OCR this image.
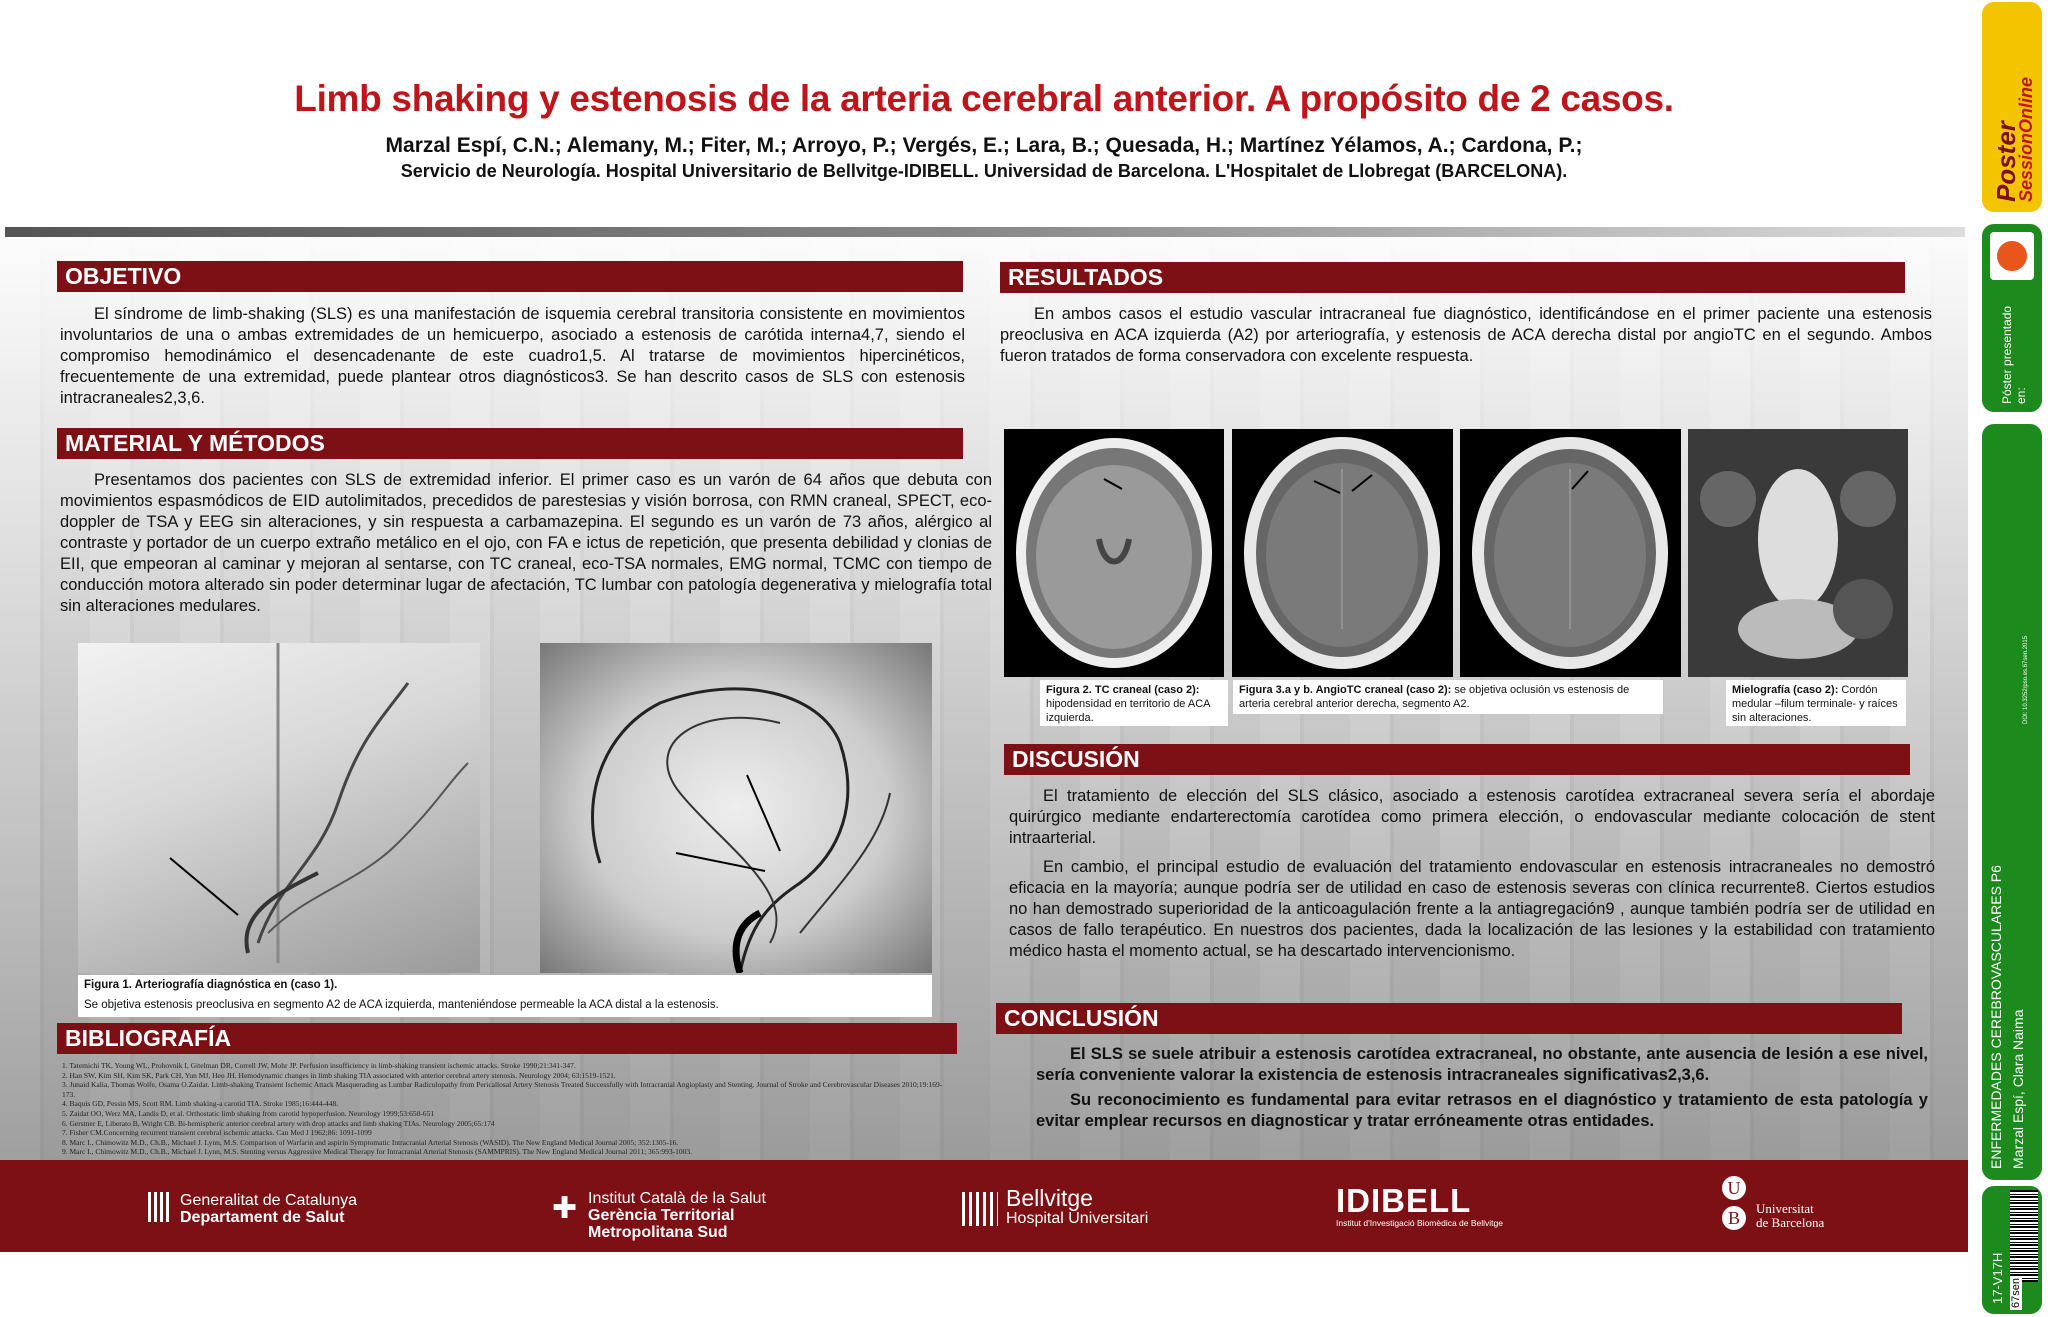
Limb shaking y estenosis de la arteria cerebral anterior. A propósito de 2 casos.
Marzal Espí, C.N.; Alemany, M.; Fiter, M.; Arroyo, P.; Vergés, E.; Lara, B.; Quesada, H.; Martínez Yélamos, A.; Cardona, P.;
Servicio de Neurología. Hospital Universitario de Bellvitge-IDIBELL. Universidad de Barcelona. L'Hospitalet de Llobregat (BARCELONA).
OBJETIVO

El síndrome de limb-shaking (SLS) es una manifestación de isquemia cerebral transitoria consistente en movimientos involuntarios de una o ambas extremidades de un hemicuerpo, asociado a estenosis de carótida interna4,7, siendo el compromiso hemodinámico el desencadenante de este cuadro1,5. Al tratarse de movimientos hipercinéticos, frecuentemente de una extremidad, puede plantear otros diagnósticos3. Se han descrito casos de SLS con estenosis intracraneales2,3,6.

MATERIAL Y MÉTODOS

Presentamos dos pacientes con SLS de extremidad inferior. El primer caso es un varón de 64 años que debuta con movimientos espasmódicos de EID autolimitados, precedidos de parestesias y visión borrosa, con RMN craneal, SPECT, eco-doppler de TSA y EEG sin alteraciones, y sin respuesta a carbamazepina. El segundo es un varón de 73 años, alérgico al contraste y portador de un cuerpo extraño metálico en el ojo, con FA e ictus de repetición, que presenta debilidad y clonias de EII, que empeoran al caminar y mejoran al sentarse, con TC craneal, eco-TSA normales, EMG normal, TCMC con tiempo de conducción motora alterado sin poder determinar lugar de afectación, TC lumbar con patología degenerativa y mielografía total sin alteraciones medulares.

Figura 1. Arteriografía diagnóstica en (caso 1).
Se objetiva estenosis preoclusiva en segmento A2 de ACA izquierda, manteniéndose permeable la ACA distal a la estenosis.
BIBLIOGRAFÍA
1. Tatemichi TK, Young WL, Prohovnik I, Gitelman DR, Correll JW, Mohr JP. Perfusion insufficiency in limb-shaking transient ischemic attacks. Stroke 1990;21:341-347.
2. Han SW, Kim SH, Kim SK, Park CH, Yun MJ, Heo JH. Hemodynamic changes in limb shaking TIA associated with anterior cerebral artery stenosis. Neurology 2004; 63:1519-1521.
3. Junaid Kalia, Thomas Wolfe, Osama O.Zaidat. Limb-shaking Transient Ischemic Attack Masquerading as Lumbar Radiculopathy from Pericallosal Artery Stenosis Treated Successfully with Intracranial Angioplasty and Stenting. Journal of Stroke and Cerebrovascular Diseases 2010;19:169-173.
4. Baquis GD, Pessin MS, Scott RM. Limb shaking-a carotid TIA. Stroke 1985;16:444-448.
5. Zaidat OO, Werz MA, Landis D, et al. Orthostatic limb shaking from carotid hypoperfusion. Neurology 1999;53:650-651
6. Gerstner E, Liberato B, Wright CB. Bi-hemispheric anterior cerebral artery with drop attacks and limb shaking TIAs. Neurology 2005;65:174
7. Fisher CM.Concerning recurrent transient cerebral ischemic attacks. Can Med J 1962;86: 1091-1099
8. Marc I., Chimowitz M.D., Ch.B., Michael J. Lynn, M.S. Comparison of Warfarin and aspirin Symptomatic Intracranial Arterial Stenosis (WASID). The New England Medical Journal 2005; 352:1305-16.
9. Marc I., Chimowitz M.D., Ch.B., Michael J. Lynn, M.S. Stenting versus Aggressive Medical Therapy for Intracranial Arterial Stenosis (SAMMPRIS). The New England Medical Journal 2011; 365:993-1003.
RESULTADOS

En ambos casos el estudio vascular intracraneal fue diagnóstico, identificándose en el primer paciente una estenosis preoclusiva en ACA izquierda (A2) por arteriografía, y estenosis de ACA derecha distal por angioTC en el segundo. Ambos fueron tratados de forma conservadora con excelente respuesta.

Figura 2. TC craneal (caso 2): hipodensidad en territorio de ACA izquierda.
Figura 3.a y b. AngioTC craneal (caso 2): se objetiva oclusión vs estenosis de arteria cerebral anterior derecha, segmento A2.
Mielografía (caso 2): Cordón medular –filum terminale- y raíces sin alteraciones.
DISCUSIÓN

El tratamiento de elección del SLS clásico, asociado a estenosis carotídea extracraneal severa sería el abordaje quirúrgico mediante endarterectomía carotídea como primera elección, o endovascular mediante colocación de stent intraarterial.

En cambio, el principal estudio de evaluación del tratamiento endovascular en estenosis intracraneales no demostró eficacia en la mayoría; aunque podría ser de utilidad en caso de estenosis severas con clínica recurrente8. Ciertos estudios no han demostrado superioridad de la anticoagulación frente a la antiagregación9 , aunque también podría ser de utilidad en casos de fallo terapéutico. En nuestros dos pacientes, dada la localización de las lesiones y la estabilidad con tratamiento médico hasta el momento actual, se ha descartado intervencionismo.

CONCLUSIÓN

El SLS se suele atribuir a estenosis carotídea extracraneal, no obstante, ante ausencia de lesión a ese nivel, sería conveniente valorar la existencia de estenosis intracraneales significativas2,3,6.

Su reconocimiento es fundamental para evitar retrasos en el diagnóstico y tratamiento de esta patología y evitar emplear recursos en diagnosticar y tratar erróneamente otras entidades.

Generalitat de Catalunya
Departament de Salut	✚ Institut Català de la Salut
Gerència Territorial
Metropolitana Sud
Bellvitge
Hospital Universitari	IDIBELL
Institut d'Investigació Biomèdica de Bellvitge
U
B	Universitat
de Barcelona
Poster
SessionOnline
Póster presentado en:
DOI: 10.3252/pso.es.67sen.2015
ENFERMEDADES CEREBROVASCULARES P6 Marzal Espí, Clara Naima
17-V17H 67sen
